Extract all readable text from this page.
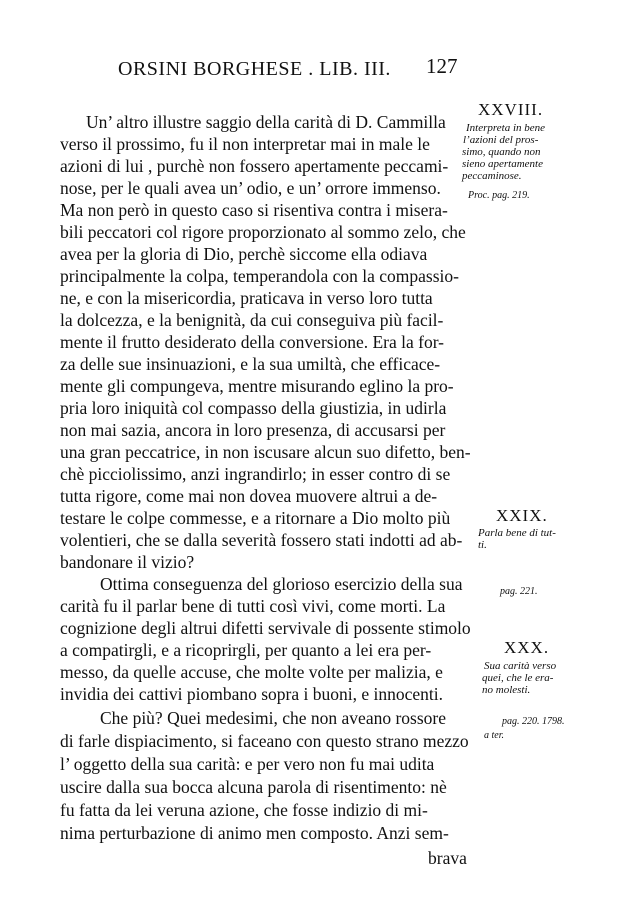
ORSINI BORGHESE . LIB. III. 127
Un’ altro illustre saggio della carità di D. Cammilla
verso il prossimo, fu il non interpretar mai in male le
azioni di lui , purchè non fossero apertamente peccami-
nose, per le quali avea un’ odio, e un’ orrore immenso.
Ma non però in questo caso si risentiva contra i misera-
bili peccatori col rigore proporzionato al sommo zelo, che
avea per la gloria di Dio, perchè siccome ella odiava
principalmente la colpa, temperandola con la compassio-
ne, e con la misericordia, praticava in verso loro tutta
la dolcezza, e la benignità, da cui conseguiva più facil-
mente il frutto desiderato della conversione. Era la for-
za delle sue insinuazioni, e la sua umiltà, che efficace-
mente gli compungeva, mentre misurando eglino la pro-
pria loro iniquità col compasso della giustizia, in udirla
non mai sazia, ancora in loro presenza, di accusarsi per
una gran peccatrice, in non iscusare alcun suo difetto, ben-
chè picciolissimo, anzi ingrandirlo; in esser contro di se
tutta rigore, come mai non dovea muovere altrui a de-
testare le colpe commesse, e a ritornare a Dio molto più
volentieri, che se dalla severità fossero stati indotti ad ab-
bandonare il vizio?
Ottima conseguenza del glorioso esercizio della sua
carità fu il parlar bene di tutti così vivi, come morti. La
cognizione degli altrui difetti servivale di possente stimolo
a compatirgli, e a ricoprirgli, per quanto a lei era per-
messo, da quelle accuse, che molte volte per malizia, e
invidia dei cattivi piombano sopra i buoni, e innocenti.
Che più? Quei medesimi, che non aveano rossore
di farle dispiacimento, si faceano con questo strano mezzo
l’ oggetto della sua carità: e per vero non fu mai udita
uscire dalla sua bocca alcuna parola di risentimento: nè
fu fatta da lei veruna azione, che fosse indizio di mi-
nima perturbazione di animo men composto. Anzi sem-
brava
XXVIII.
Interpreta in bene
l’azioni del pros-
simo, quando non
sieno apertamente
peccaminose.
Proc. pag. 219.
XXIX.
Parla bene di tut-
ti.
pag. 221.
XXX.
Sua carità verso
quei, che le era-
no molesti.
pag. 220. 1798.
a ter.
